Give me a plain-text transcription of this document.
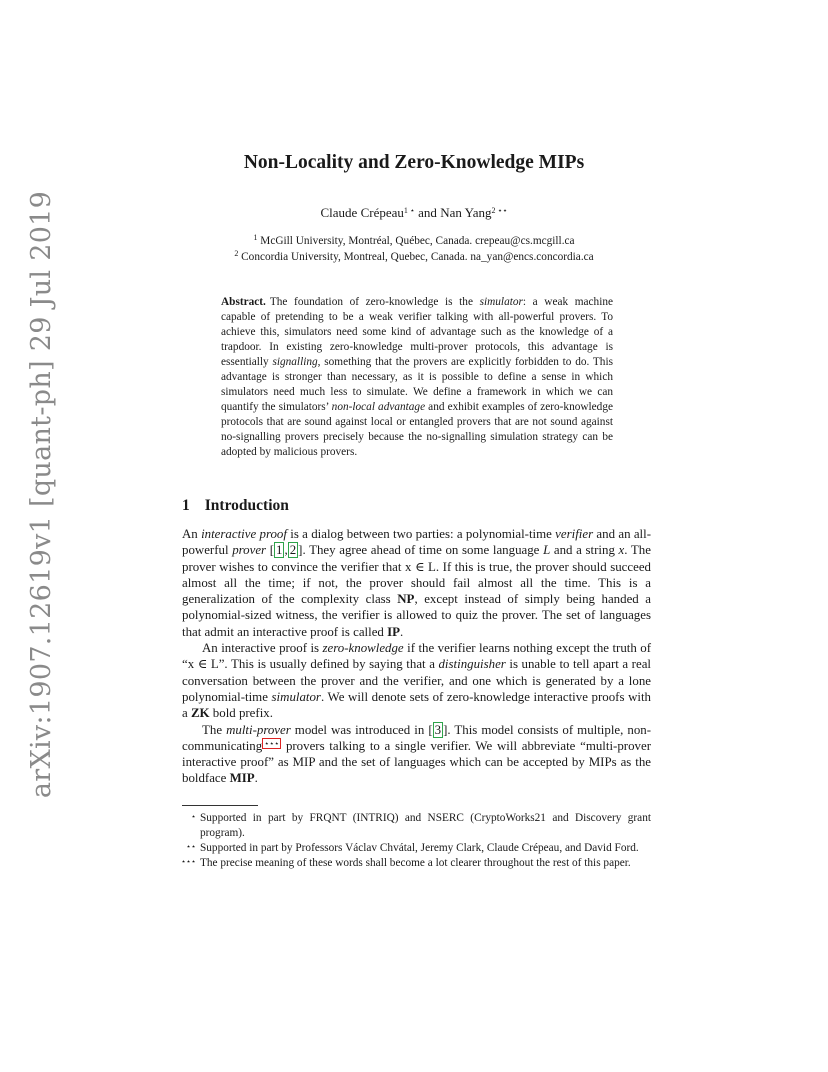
arXiv:1907.12619v1 [quant-ph] 29 Jul 2019
Non-Locality and Zero-Knowledge MIPs
Claude Crépeau$^{1 ⋆}$ and Nan Yang$^{2 ⋆⋆}$
$^1$ McGill University, Montréal, Québec, Canada. crepeau@cs.mcgill.ca
$^2$ Concordia University, Montreal, Quebec, Canada. na_yan@encs.concordia.ca
Abstract. The foundation of zero-knowledge is the simulator: a weak machine capable of pretending to be a weak verifier talking with all-powerful provers. To achieve this, simulators need some kind of advantage such as the knowledge of a trapdoor. In existing zero-knowledge multi-prover protocols, this advantage is essentially signalling, something that the provers are explicitly forbidden to do. This advantage is stronger than necessary, as it is possible to define a sense in which simulators need much less to simulate. We define a framework in which we can quantify the simulators’ non-local advantage and exhibit examples of zero-knowledge protocols that are sound against local or entangled provers that are not sound against no-signalling provers precisely because the no-signalling simulation strategy can be adopted by malicious provers.
1 Introduction

An interactive proof is a dialog between two parties: a polynomial-time verifier and an all-powerful prover [ 1 , 2 ]. They agree ahead of time on some language L and a string x. The prover wishes to convince the verifier that x ∈ L. If this is true, the prover should succeed almost all the time; if not, the prover should fail almost all the time. This is a generalization of the complexity class NP, except instead of simply being handed a polynomial-sized witness, the verifier is allowed to quiz the prover. The set of languages that admit an interactive proof is called IP.

An interactive proof is zero-knowledge if the verifier learns nothing except the truth of “x ∈ L”. This is usually defined by saying that a distinguisher is unable to tell apart a real conversation between the prover and the verifier, and one which is generated by a lone polynomial-time simulator. We will denote sets of zero-knowledge interactive proofs with a ZK bold prefix.

The multi-prover model was introduced in [ 3 ]. This model consists of multiple, non-communicating ⋆⋆⋆ provers talking to a single verifier. We will abbreviate “multi-prover interactive proof” as MIP and the set of languages which can be accepted by MIPs as the boldface MIP.

⋆ Supported in part by FRQNT (INTRIQ) and NSERC (CryptoWorks21 and Discovery grant program).
⋆⋆ Supported in part by Professors Václav Chvátal, Jeremy Clark, Claude Crépeau, and David Ford.
⋆⋆⋆ The precise meaning of these words shall become a lot clearer throughout the rest of this paper.
